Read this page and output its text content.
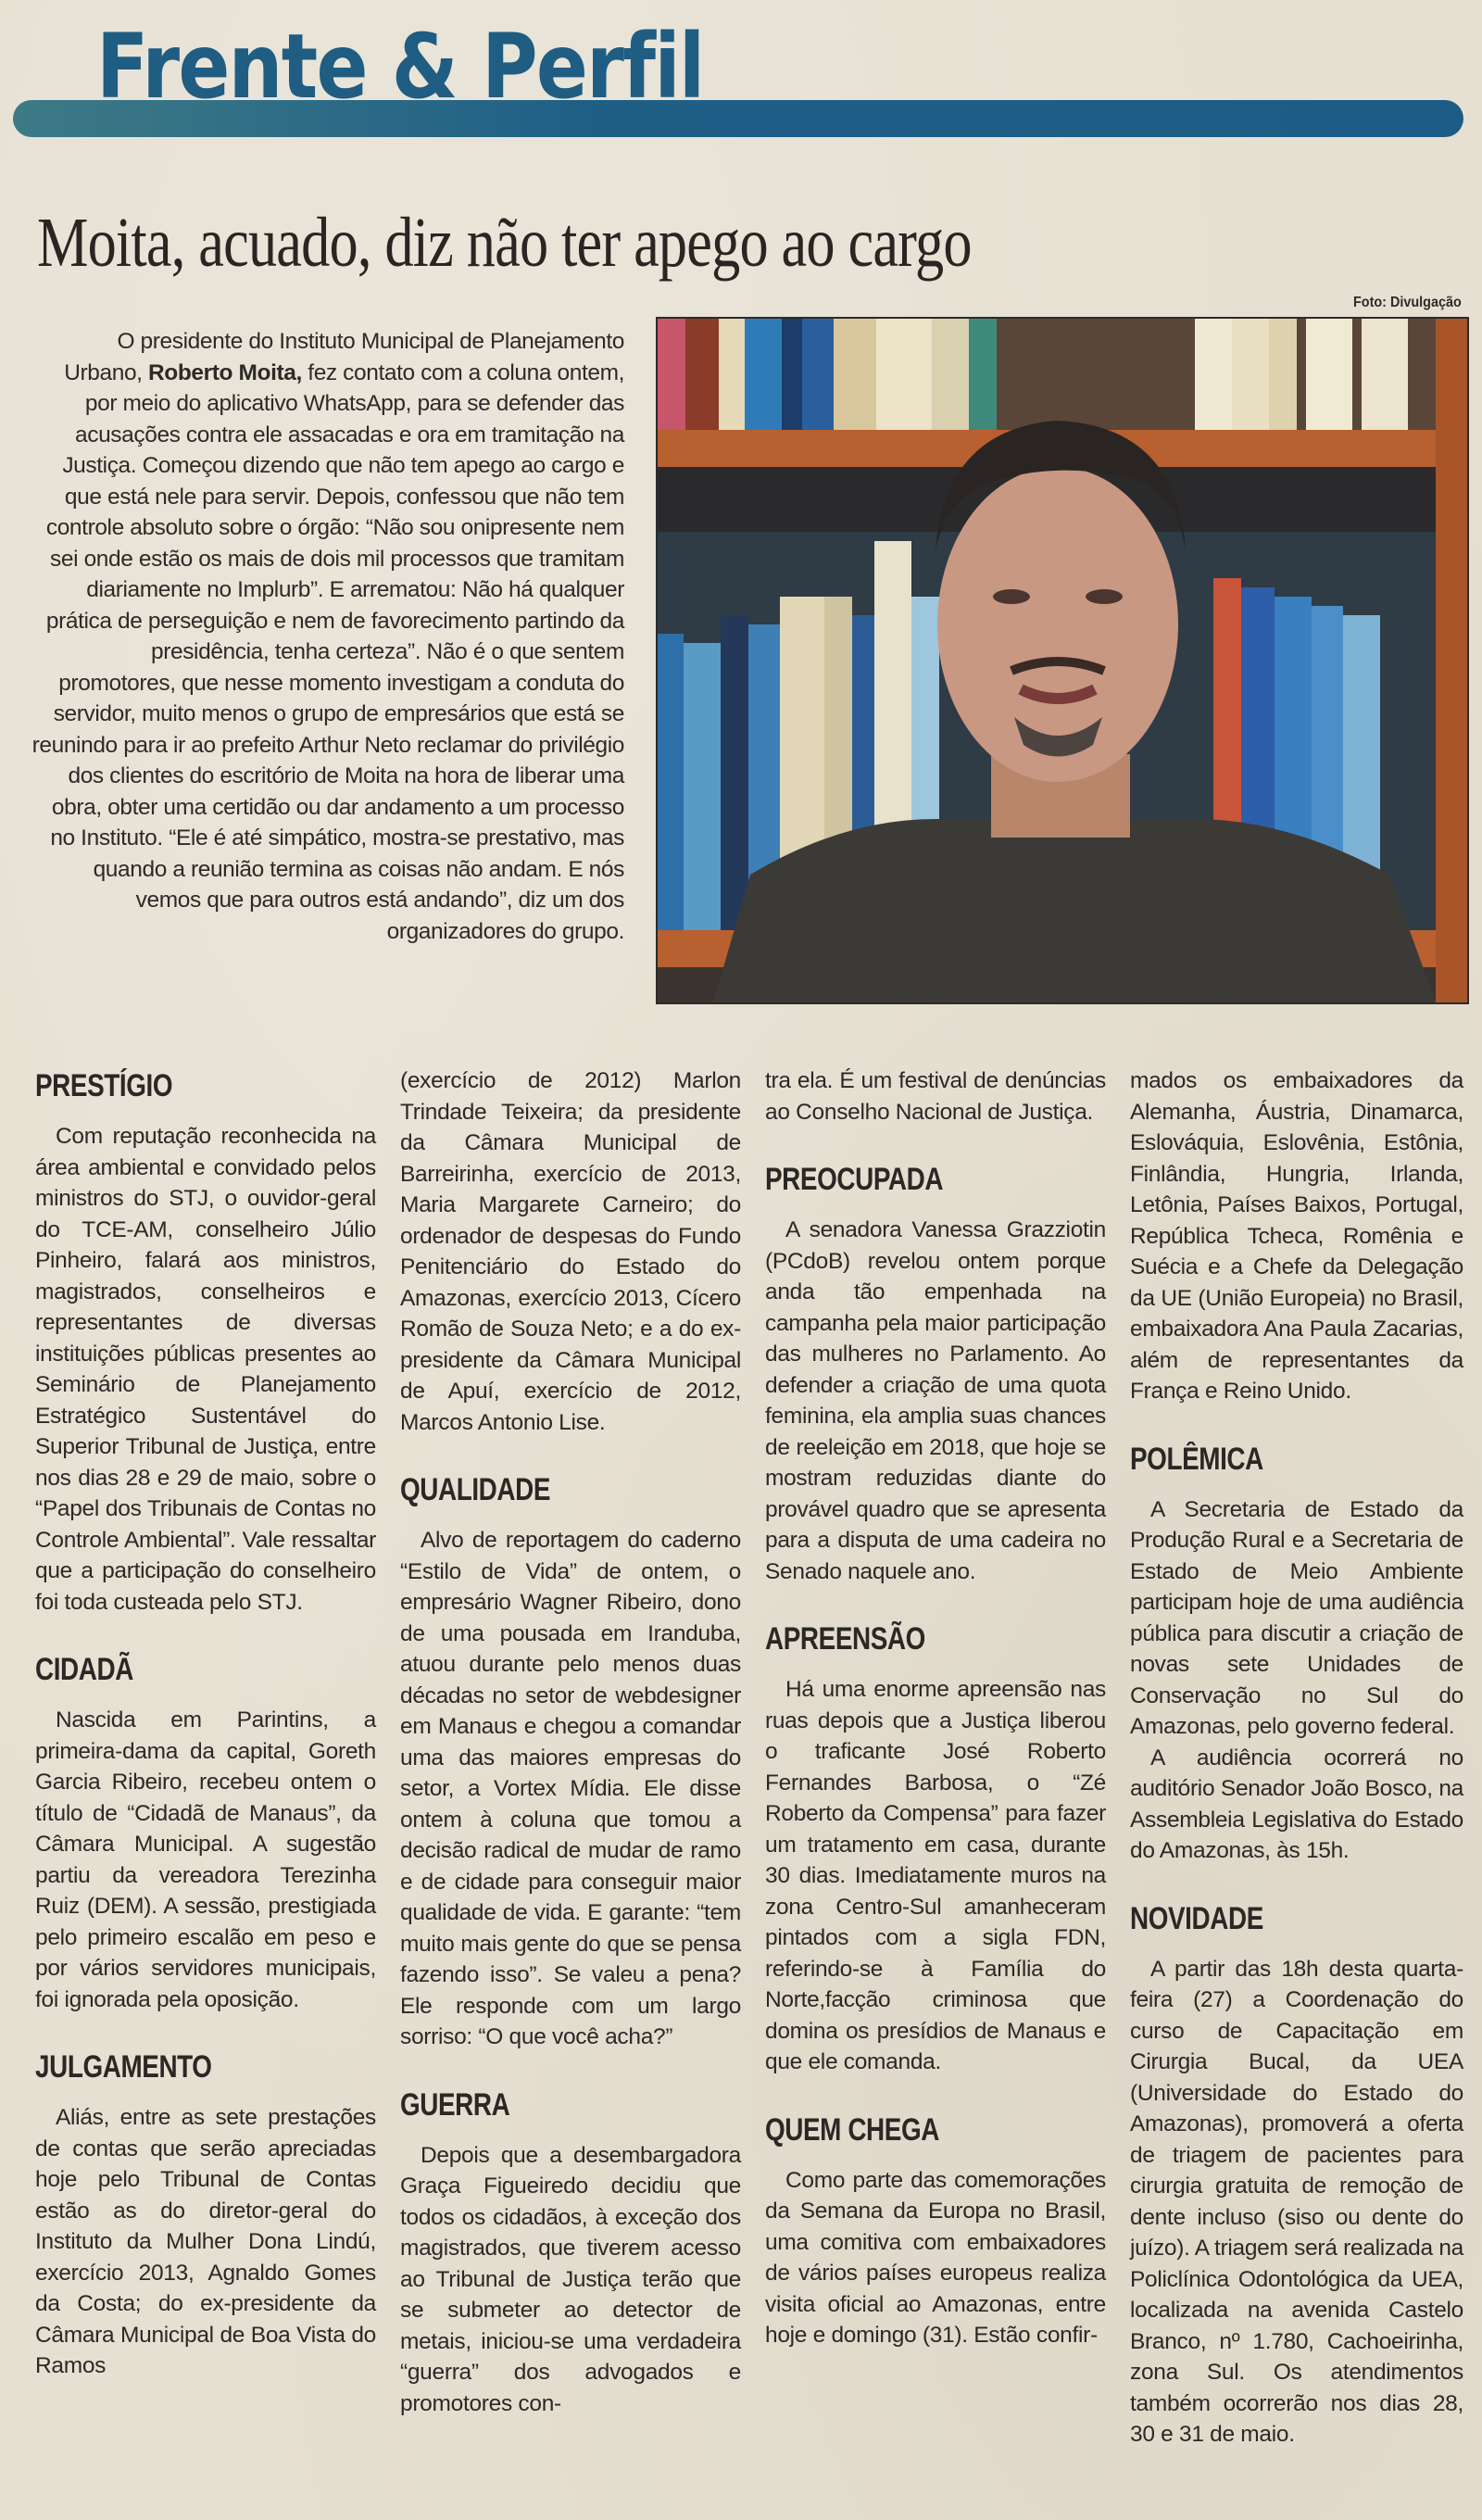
Frente & Perfil
Moita, acuado, diz não ter apego ao cargo
Foto: Divulgação
O presidente do Instituto Municipal de Planejamento Urbano, Roberto Moita, fez contato com a coluna ontem, por meio do aplicativo WhatsApp, para se defender das acusações contra ele assacadas e ora em tramitação na Justiça. Começou dizendo que não tem apego ao cargo e que está nele para servir. Depois, confessou que não tem controle absoluto sobre o órgão: “Não sou onipresente nem sei onde estão os mais de dois mil processos que tramitam diariamente no Implurb”. E arrematou: Não há qualquer prática de perseguição e nem de favorecimento partindo da presidência, tenha certeza”. Não é o que sentem promotores, que nesse momento investigam a conduta do servidor, muito menos o grupo de empresários que está se reunindo para ir ao prefeito Arthur Neto reclamar do privilégio dos clientes do escritório de Moita na hora de liberar uma obra, obter uma certidão ou dar andamento a um processo no Instituto. “Ele é até simpático, mostra-se prestativo, mas quando a reunião termina as coisas não andam. E nós vemos que para outros está andando”, diz um dos organizadores do grupo.
PRESTÍGIO

Com reputação reconhecida na área ambiental e convidado pelos ministros do STJ, o ouvidor-geral do TCE-AM, conselheiro Júlio Pinheiro, falará aos ministros, magistrados, conselheiros e representantes de diversas instituições públicas presentes ao Seminário de Planejamento Estratégico Sustentável do Superior Tribunal de Justiça, entre nos dias 28 e 29 de maio, sobre o “Papel dos Tribunais de Contas no Controle Ambiental”. Vale ressaltar que a participação do conselheiro foi toda custeada pelo STJ.

CIDADÃ

Nascida em Parintins, a primeira-dama da capital, Goreth Garcia Ribeiro, recebeu ontem o título de “Cidadã de Manaus”, da Câmara Municipal. A sugestão partiu da vereadora Terezinha Ruiz (DEM). A sessão, prestigiada pelo primeiro escalão em peso e por vários servidores municipais, foi ignorada pela oposição.

JULGAMENTO

Aliás, entre as sete prestações de contas que serão apreciadas hoje pelo Tribunal de Contas estão as do diretor-geral do Instituto da Mulher Dona Lindú, exercício 2013, Agnaldo Gomes da Costa; do ex-presidente da Câmara Municipal de Boa Vista do Ramos

(exercício de 2012) Marlon Trindade Teixeira; da presidente da Câmara Municipal de Barreirinha, exercício de 2013, Maria Margarete Carneiro; do ordenador de despesas do Fundo Penitenciário do Estado do Amazonas, exercício 2013, Cícero Romão de Souza Neto; e a do ex-presidente da Câmara Municipal de Apuí, exercício de 2012, Marcos Antonio Lise.

QUALIDADE

Alvo de reportagem do caderno “Estilo de Vida” de ontem, o empresário Wagner Ribeiro, dono de uma pousada em Iranduba, atuou durante pelo menos duas décadas no setor de webdesigner em Manaus e chegou a comandar uma das maiores empresas do setor, a Vortex Mídia. Ele disse ontem à coluna que tomou a decisão radical de mudar de ramo e de cidade para conseguir maior qualidade de vida. E garante: “tem muito mais gente do que se pensa fazendo isso”. Se valeu a pena? Ele responde com um largo sorriso: “O que você acha?”

GUERRA

Depois que a desembargadora Graça Figueiredo decidiu que todos os cidadãos, à exceção dos magistrados, que tiverem acesso ao Tribunal de Justiça terão que se submeter ao detector de metais, iniciou-se uma verdadeira “guerra” dos advogados e promotores con-

tra ela. É um festival de denúncias ao Conselho Nacional de Justiça.

PREOCUPADA

A senadora Vanessa Grazziotin (PCdoB) revelou ontem porque anda tão empenhada na campanha pela maior participação das mulheres no Parlamento. Ao defender a criação de uma quota feminina, ela amplia suas chances de reeleição em 2018, que hoje se mostram reduzidas diante do provável quadro que se apresenta para a disputa de uma cadeira no Senado naquele ano.

APREENSÃO

Há uma enorme apreensão nas ruas depois que a Justiça liberou o traficante José Roberto Fernandes Barbosa, o “Zé Roberto da Compensa” para fazer um tratamento em casa, durante 30 dias. Imediatamente muros na zona Centro-Sul amanheceram pintados com a sigla FDN, referindo-se à Família do Norte,facção criminosa que domina os presídios de Manaus e que ele comanda.

QUEM CHEGA

Como parte das comemorações da Semana da Europa no Brasil, uma comitiva com embaixadores de vários países europeus realiza visita oficial ao Amazonas, entre hoje e domingo (31). Estão confir-

mados os embaixadores da Alemanha, Áustria, Dinamarca, Eslováquia, Eslovênia, Estônia, Finlândia, Hungria, Irlanda, Letônia, Países Baixos, Portugal, República Tcheca, Romênia e Suécia e a Chefe da Delegação da UE (União Europeia) no Brasil, embaixadora Ana Paula Zacarias, além de representantes da França e Reino Unido.

POLÊMICA

A Secretaria de Estado da Produção Rural e a Secretaria de Estado de Meio Ambiente participam hoje de uma audiência pública para discutir a criação de novas sete Unidades de Conservação no Sul do Amazonas, pelo governo federal.

A audiência ocorrerá no auditório Senador João Bosco, na Assembleia Legislativa do Estado do Amazonas, às 15h.

NOVIDADE

A partir das 18h desta quarta-feira (27) a Coordenação do curso de Capacitação em Cirurgia Bucal, da UEA (Universidade do Estado do Amazonas), promoverá a oferta de triagem de pacientes para cirurgia gratuita de remoção de dente incluso (siso ou dente do juízo). A triagem será realizada na Policlínica Odontológica da UEA, localizada na avenida Castelo Branco, nº 1.780, Cachoeirinha, zona Sul. Os atendimentos também ocorrerão nos dias 28, 30 e 31 de maio.
